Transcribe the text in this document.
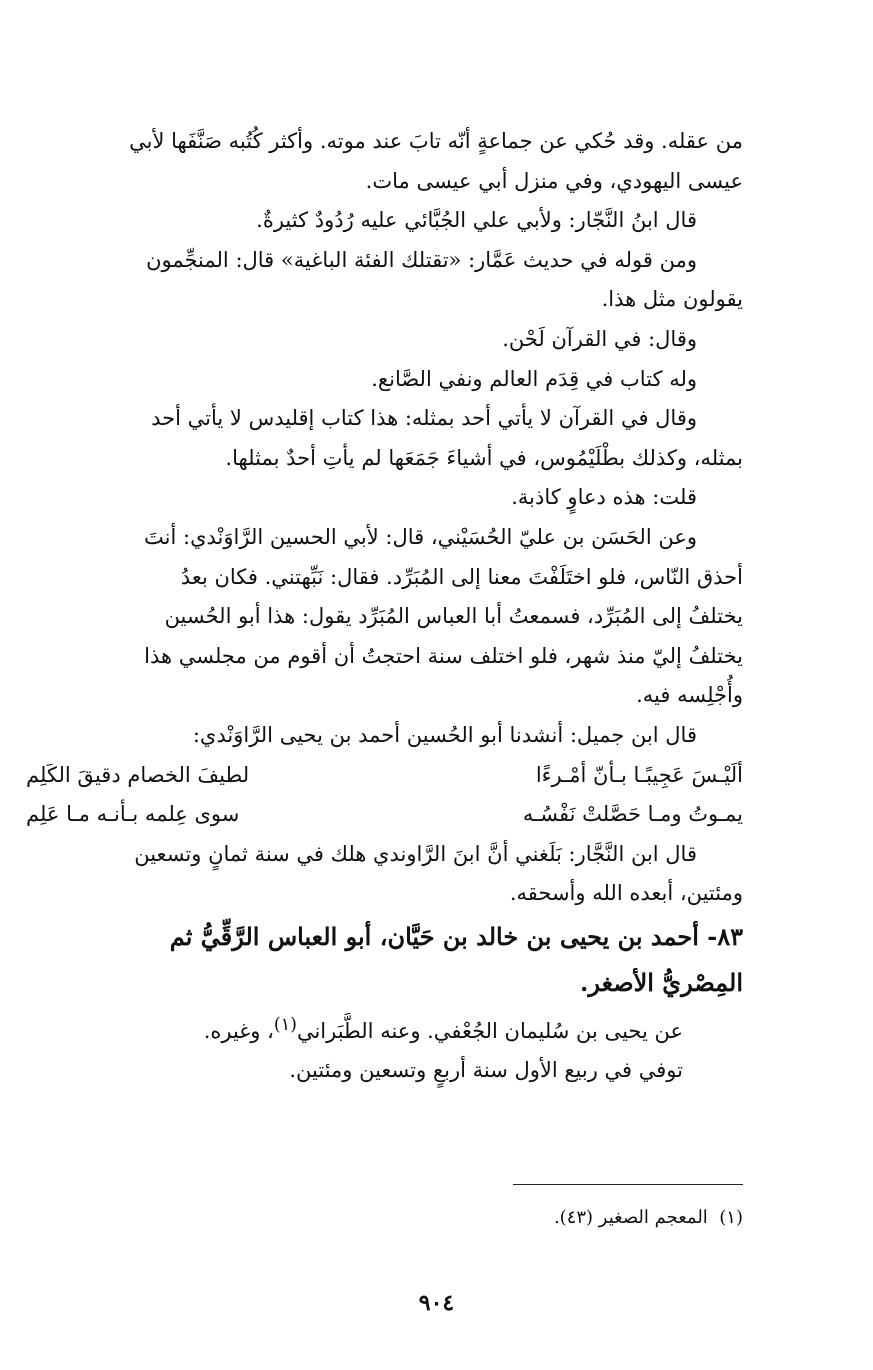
من عقله. وقد حُكي عن جماعةٍ أنّه تابَ عند موته. وأكثر كُتُبه صَنَّفَها لأبي

عيسى اليهودي، وفي منزل أبي عيسى مات.

قال ابنُ النَّجّار: ولأبي علي الجُبَّائي عليه رُدُودٌ كثيرةٌ.

ومن قوله في حديث عَمَّار: «تقتلك الفئة الباغية» قال: المنجِّمون

يقولون مثل هذا.

وقال: في القرآن لَحْن.

وله كتاب في قِدَم العالم ونفي الصَّانع.

وقال في القرآن لا يأتي أحد بمثله: هذا كتاب إقليدس لا يأتي أحد

بمثله، وكذلك بطْلَيْمُوس، في أشياءَ جَمَعَها لم يأتِ أحدٌ بمثلها.

قلت: هذه دعاوٍ كاذبة.

وعن الحَسَن بن عليّ الحُسَيْني، قال: لأبي الحسين الرَّاوَنْدي: أنتَ

أحذق النّاس، فلو اختَلَفْتَ معنا إلى المُبَرِّد. فقال: نَبِّهتني. فكان بعدُ

يختلفُ إلى المُبَرِّد، فسمعتُ أبا العباس المُبَرِّد يقول: هذا أبو الحُسين

يختلفُ إليّ منذ شهر، فلو اختلف سنة احتجتُ أن أقوم من مجلسي هذا

وأُجْلِسه فيه.

قال ابن جميل: أنشدنا أبو الحُسين أحمد بن يحيى الرَّاوَنْدي:

ألَيْـسَ عَجِيبًـا بـأنّ أمْـرءًا
لطيفَ الخصام دقيقَ الكَلِم
يمـوتُ ومـا حَصَّلتْ نَفْسُـه
سوى عِلمه بـأنـه مـا عَلِم

قال ابن النَّجَّار: بَلَغني أنَّ ابنَ الرَّاوندي هلك في سنة ثمانٍ وتسعين

ومئتين، أبعده الله وأسحقه.

٨٣- أحمد بن يحيى بن خالد بن حَيَّان، أبو العباس الرَّقِّيُّ ثم

المِصْريُّ الأصغر.

عن يحيى بن سُليمان الجُعْفي. وعنه الطَّبَراني$^{(١)}$، وغيره.

توفي في ربيع الأول سنة أربعٍ وتسعين ومئتين.

(١)  المعجم الصغير (٤٣).
٩٠٤
